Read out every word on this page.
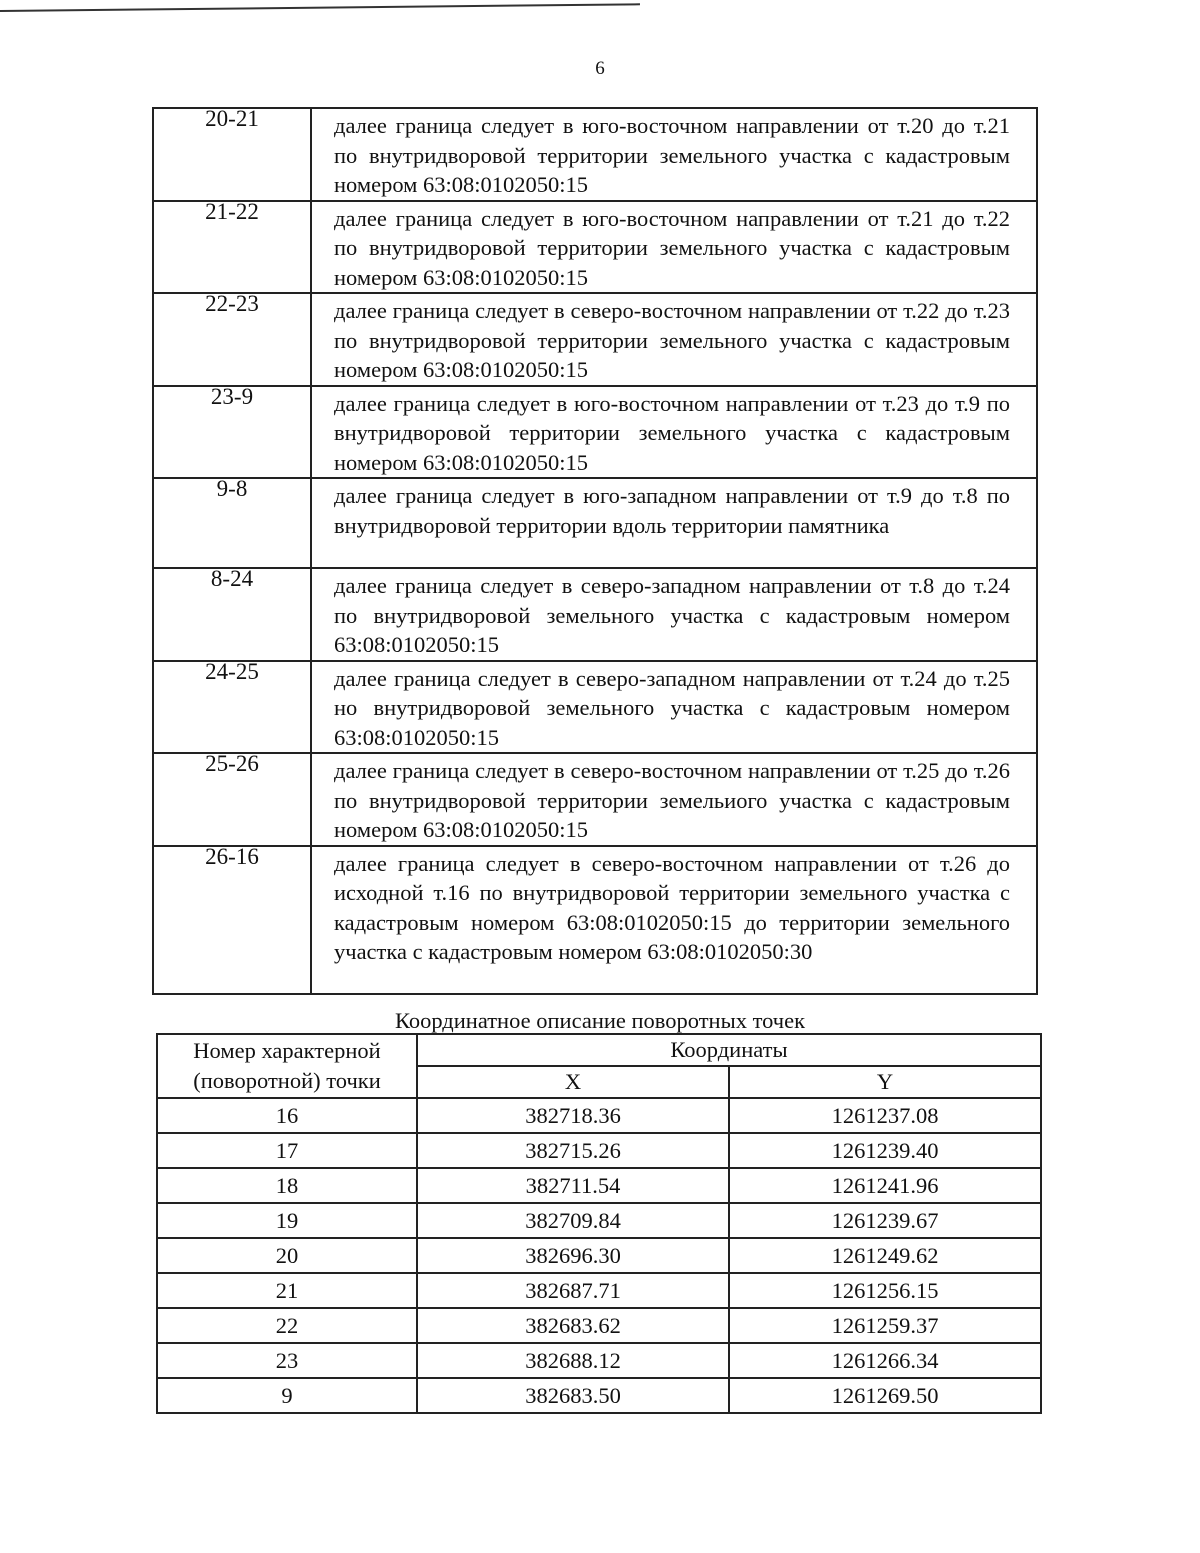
6
20-21	далее граница следует в юго-восточном направлении от т.20 до т.21 по внутридворовой территории земельного участка с кадастровым номером 63:08:0102050:15
21-22	далее граница следует в юго-восточном направлении от т.21 до т.22 по внутридворовой территории земельного участка с кадастровым номером 63:08:0102050:15
22-23	далее граница следует в северо-восточном направлении от т.22 до т.23 по внутридворовой территории земельного участка с кадастровым номером 63:08:0102050:15
23-9	далее граница следует в юго-восточном направлении от т.23 до т.9 по внутридворовой территории земельного участка с кадастровым номером 63:08:0102050:15
9-8	далее граница следует в юго-западном направлении от т.9 до т.8 по внутридворовой территории вдоль территории памятника
8-24	далее граница следует в северо-западном направлении от т.8 до т.24 по внутридворовой земельного участка с кадастровым номером 63:08:0102050:15
24-25	далее граница следует в северо-западном направлении от т.24 до т.25 но внутридворовой земельного участка с кадастровым номером 63:08:0102050:15
25-26	далее граница следует в северо-восточном направлении от т.25 до т.26 по внутридворовой территории земельиого участка с кадастровым номером 63:08:0102050:15
26-16	далее граница следует в северо-восточном направлении от т.26 до исходной т.16 по внутридворовой территории земельного участка с кадастровым номером 63:08:0102050:15 до территории земельного участка с кадастровым номером 63:08:0102050:30
Координатное описание поворотных точек
Номер характерной (поворотной) точки	Координаты	
	X	Y
16	382718.36	1261237.08
17	382715.26	1261239.40
18	382711.54	1261241.96
19	382709.84	1261239.67
20	382696.30	1261249.62
21	382687.71	1261256.15
22	382683.62	1261259.37
23	382688.12	1261266.34
9	382683.50	1261269.50
